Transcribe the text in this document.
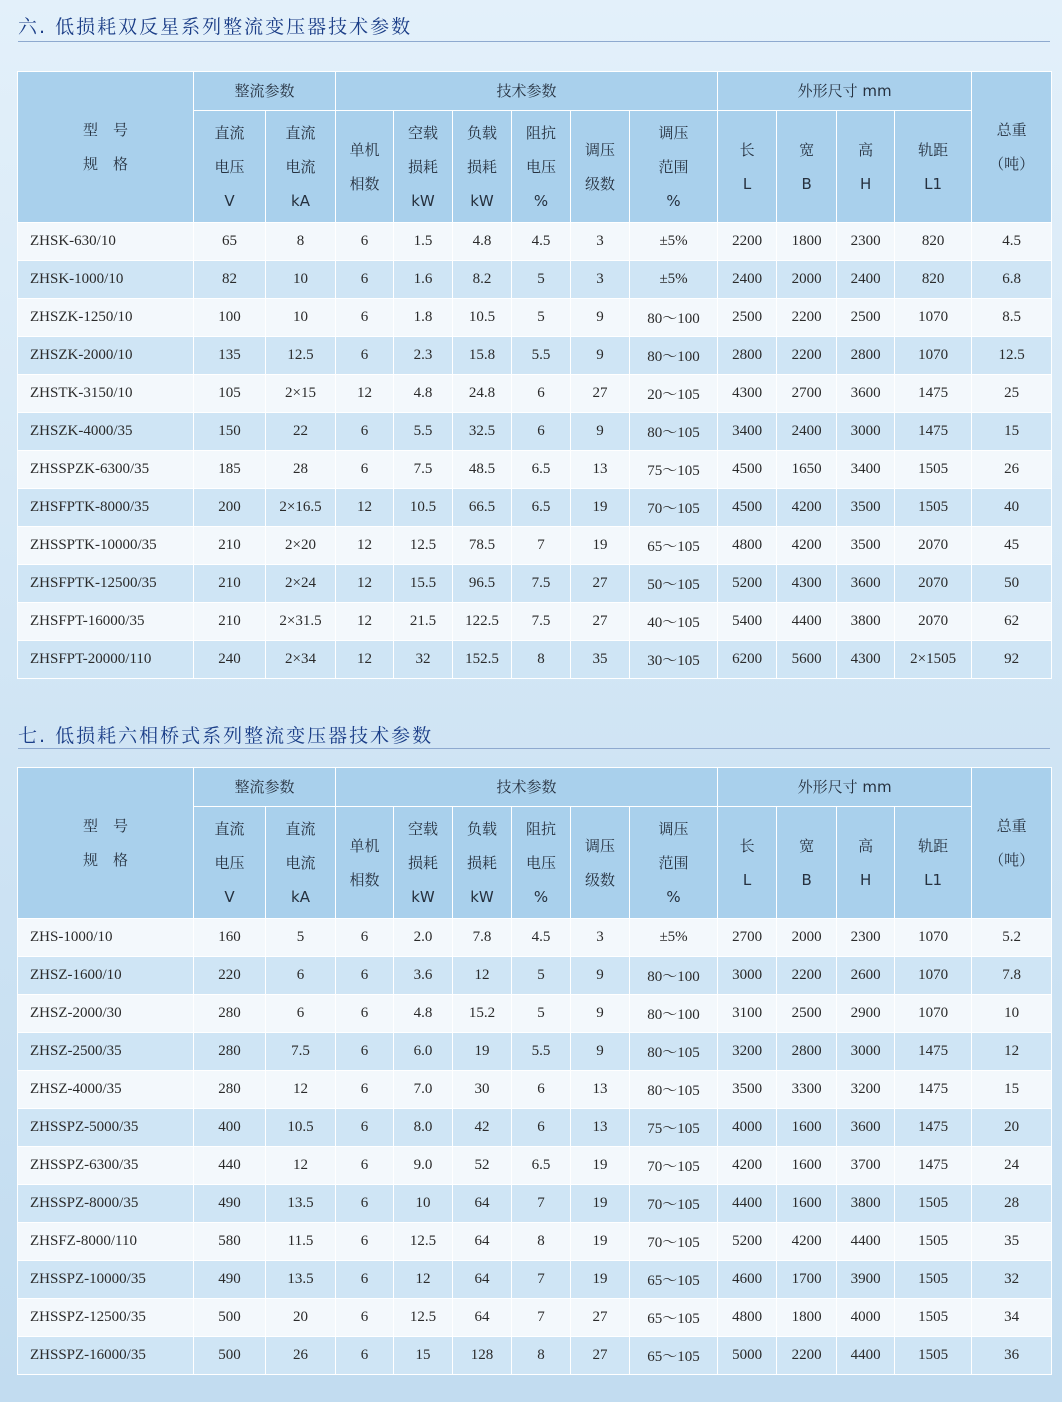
六. 低损耗双反星系列整流变压器技术参数
型　号
规　格	整流参数		技术参数						外形尺寸 mm				总重
（吨）

	直流
电压
V	直流
电流
kA	单机
相数	空载
损耗
kW	负载
损耗
kW	阻抗
电压
%	调压
级数	调压
范围
%	长
L	宽
B	高
H	轨距
L1	

ZHSK-630/10	65	8	6	1.5	4.8	4.5	3	±5%	2200	1800	2300	820	4.5
ZHSK-1000/10	82	10	6	1.6	8.2	5	3	±5%	2400	2000	2400	820	6.8
ZHSZK-1250/10	100	10	6	1.8	10.5	5	9	80～100	2500	2200	2500	1070	8.5
ZHSZK-2000/10	135	12.5	6	2.3	15.8	5.5	9	80～100	2800	2200	2800	1070	12.5
ZHSTK-3150/10	105	2×15	12	4.8	24.8	6	27	20～105	4300	2700	3600	1475	25
ZHSZK-4000/35	150	22	6	5.5	32.5	6	9	80～105	3400	2400	3000	1475	15
ZHSSPZK-6300/35	185	28	6	7.5	48.5	6.5	13	75～105	4500	1650	3400	1505	26
ZHSFPTK-8000/35	200	2×16.5	12	10.5	66.5	6.5	19	70～105	4500	4200	3500	1505	40
ZHSSPTK-10000/35	210	2×20	12	12.5	78.5	7	19	65～105	4800	4200	3500	2070	45
ZHSFPTK-12500/35	210	2×24	12	15.5	96.5	7.5	27	50～105	5200	4300	3600	2070	50
ZHSFPT-16000/35	210	2×31.5	12	21.5	122.5	7.5	27	40～105	5400	4400	3800	2070	62
ZHSFPT-20000/110	240	2×34	12	32	152.5	8	35	30～105	6200	5600	4300	2×1505	92
七. 低损耗六相桥式系列整流变压器技术参数
型　号
规　格	整流参数		技术参数						外形尺寸 mm				总重
（吨）

	直流
电压
V	直流
电流
kA	单机
相数	空载
损耗
kW	负载
损耗
kW	阻抗
电压
%	调压
级数	调压
范围
%	长
L	宽
B	高
H	轨距
L1	

ZHS-1000/10	160	5	6	2.0	7.8	4.5	3	±5%	2700	2000	2300	1070	5.2
ZHSZ-1600/10	220	6	6	3.6	12	5	9	80～100	3000	2200	2600	1070	7.8
ZHSZ-2000/30	280	6	6	4.8	15.2	5	9	80～100	3100	2500	2900	1070	10
ZHSZ-2500/35	280	7.5	6	6.0	19	5.5	9	80～105	3200	2800	3000	1475	12
ZHSZ-4000/35	280	12	6	7.0	30	6	13	80～105	3500	3300	3200	1475	15
ZHSSPZ-5000/35	400	10.5	6	8.0	42	6	13	75～105	4000	1600	3600	1475	20
ZHSSPZ-6300/35	440	12	6	9.0	52	6.5	19	70～105	4200	1600	3700	1475	24
ZHSSPZ-8000/35	490	13.5	6	10	64	7	19	70～105	4400	1600	3800	1505	28
ZHSFZ-8000/110	580	11.5	6	12.5	64	8	19	70～105	5200	4200	4400	1505	35
ZHSSPZ-10000/35	490	13.5	6	12	64	7	19	65～105	4600	1700	3900	1505	32
ZHSSPZ-12500/35	500	20	6	12.5	64	7	27	65～105	4800	1800	4000	1505	34
ZHSSPZ-16000/35	500	26	6	15	128	8	27	65～105	5000	2200	4400	1505	36
